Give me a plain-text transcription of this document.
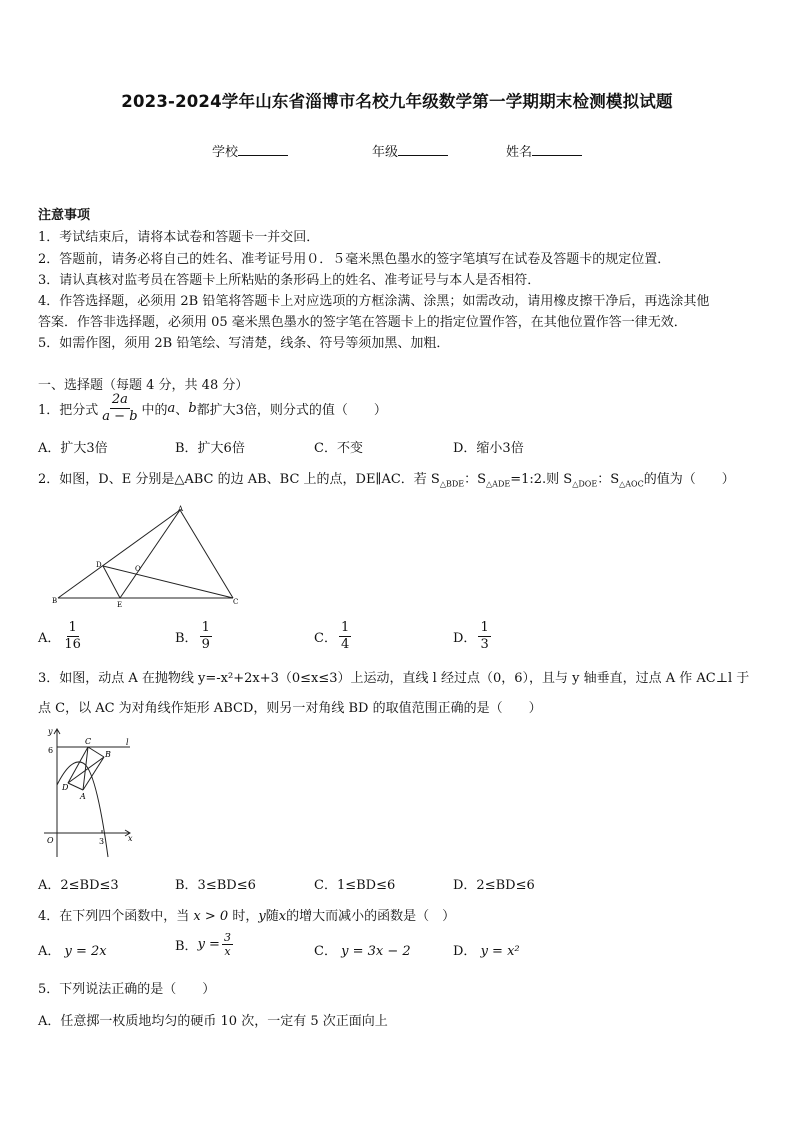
2023-2024学年山东省淄博市名校九年级数学第一学期期末检测模拟试题
学校	年级	姓名
注意事项
1．考试结束后，请将本试卷和答题卡一并交回．
2．答题前，请务必将自己的姓名、准考证号用０．５毫米黑色墨水的签字笔填写在试卷及答题卡的规定位置．
3．请认真核对监考员在答题卡上所粘贴的条形码上的姓名、准考证号与本人是否相符．
4．作答选择题，必须用 2B 铅笔将答题卡上对应选项的方框涂满、涂黑；如需改动，请用橡皮擦干净后，再选涂其他
答案．作答非选择题，必须用 05 毫米黑色墨水的签字笔在答题卡上的指定位置作答，在其他位置作答一律无效．
5．如需作图，须用 2B 铅笔绘、写清楚，线条、符号等须加黑、加粗．
一、选择题（每题 4 分，共 48 分）
1．把分式 $\frac{2a}{a - b}$ 中的 a 、 b 都扩大3倍，则分式的值（　　）
A．扩大3倍	B．扩大6倍	C．不变	D．缩小3倍
2．如图，D、E 分别是△ABC 的边 AB、BC 上的点，DE∥AC．若 $S_{\triangle BDE}$：$S_{\triangle ADE}=1:2$.则 $S_{\triangle DOE}$：$S_{\triangle AOC}$的值为（　　）
A
B	C
D
E
O
A． $\frac{1}{16}$	B． $\frac{1}{9}$	C． $\frac{1}{4}$	D． $\frac{1}{3}$
3．如图，动点 A 在抛物线 y=-x²+2x+3（0≤x≤3）上运动，直线 l 经过点（0，6），且与 y 轴垂直，过点 A 作 AC⊥l 于
点 C，以 AC 为对角线作矩形 ABCD，则另一对角线 BD 的取值范围正确的是（　　）
y
6
C	l
B
D
A
O	3	x
A．2≤BD≤3	B．3≤BD≤6	C．1≤BD≤6	D．2≤BD≤6
4．在下列四个函数中，当 x > 0 时，y随x的增大而减小的函数是（　）
A． y = 2x	B． $y = \frac{3}{x}$	C． y = 3x − 2	D． y = x²
5．下列说法正确的是（　　）
A．任意掷一枚质地均匀的硬币 10 次，一定有 5 次正面向上
